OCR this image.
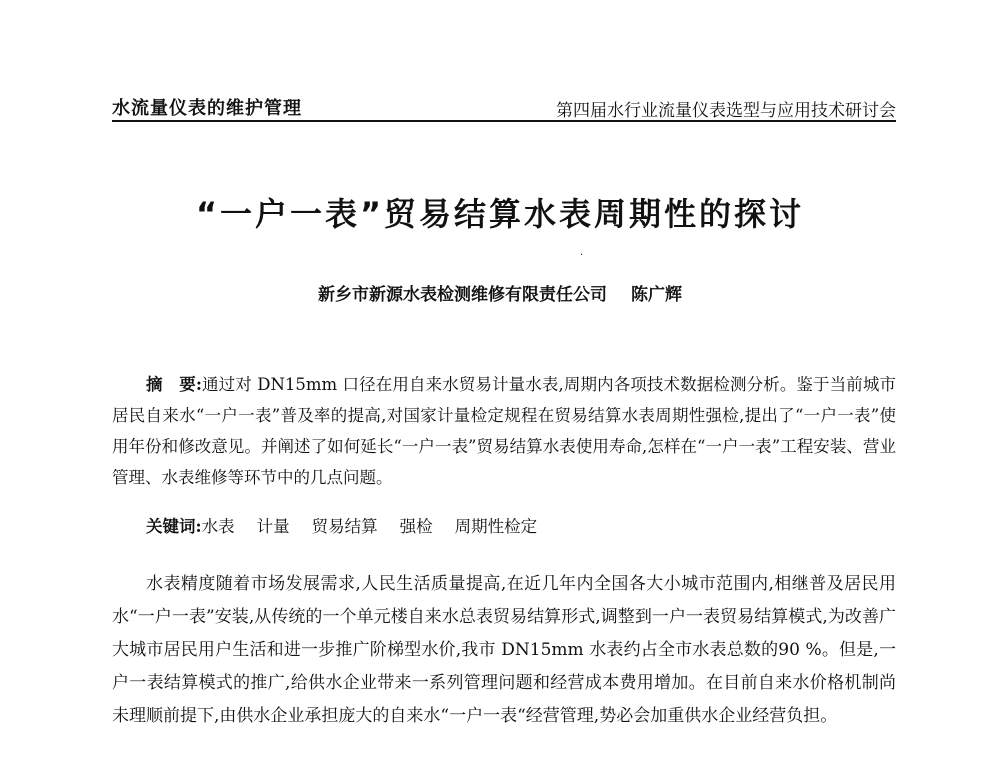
水流量仪表的维护管理	第四届水行业流量仪表选型与应用技术研讨会
“一户一表”贸易结算水表周期性的探讨
·
新乡市新源水表检测维修有限责任公司 陈广辉

摘　要:通过对 DN15mm 口径在用自来水贸易计量水表,周期内各项技术数据检测分析。鉴于当前城市居民自来水“一户一表”普及率的提高,对国家计量检定规程在贸易结算水表周期性强检,提出了“一户一表”使用年份和修改意见。并阐述了如何延长“一户一表”贸易结算水表使用寿命,怎样在“一户一表”工程安装、营业管理、水表维修等环节中的几点问题。

关键词:水表 计量 贸易结算 强检 周期性检定

水表精度随着市场发展需求,人民生活质量提高,在近几年内全国各大小城市范围内,相继普及居民用水“一户一表”安装,从传统的一个单元楼自来水总表贸易结算形式,调整到一户一表贸易结算模式,为改善广大城市居民用户生活和进一步推广阶梯型水价,我市 DN15mm 水表约占全市水表总数的90 %。但是,一户一表结算模式的推广,给供水企业带来一系列管理问题和经营成本费用增加。在目前自来水价格机制尚未理顺前提下,由供水企业承担庞大的自来水“一户一表“经营管理,势必会加重供水企业经营负担。
